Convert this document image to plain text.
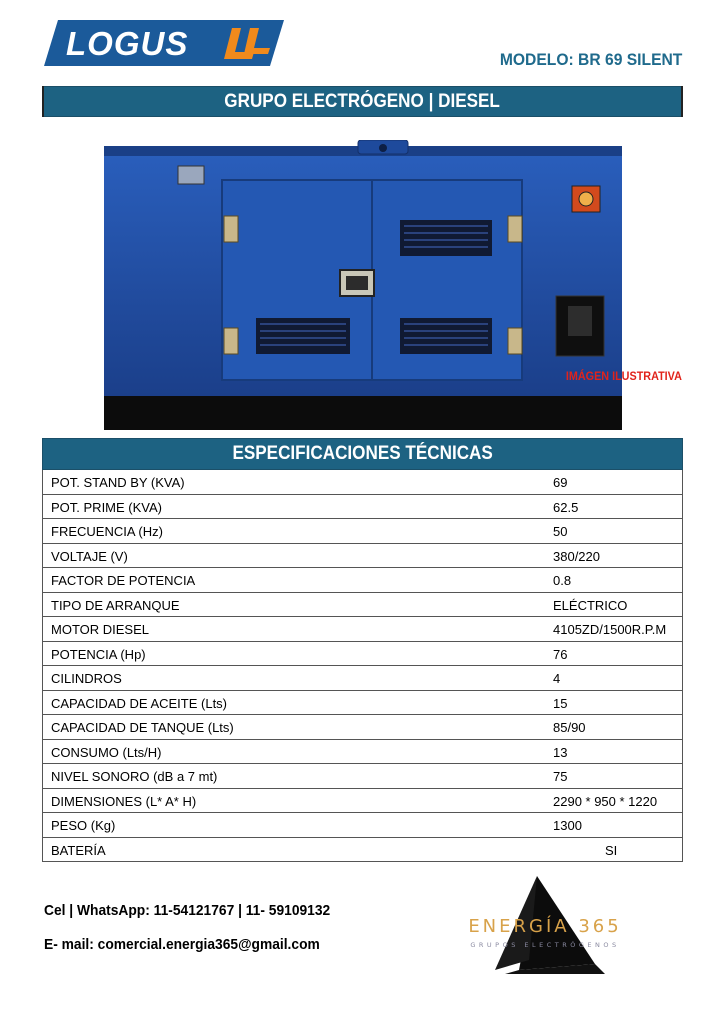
LOGUS	MODELO: BR 69 SILENT
GRUPO ELECTRÓGENO | DIESEL
IMÁGEN ILUSTRATIVA
ESPECIFICACIONES TÉCNICAS
POT. STAND BY (KVA)	69
POT. PRIME (KVA)	62.5
FRECUENCIA (Hz)	50
VOLTAJE (V)	380/220
FACTOR DE POTENCIA	0.8
TIPO DE ARRANQUE	ELÉCTRICO
MOTOR DIESEL	4105ZD/1500R.P.M
POTENCIA (Hp)	76
CILINDROS	4
CAPACIDAD DE ACEITE (Lts)	15
CAPACIDAD DE TANQUE (Lts)	85/90
CONSUMO (Lts/H)	13
NIVEL SONORO (dB a 7 mt)	75
DIMENSIONES (L* A* H)	2290 * 950 * 1220
PESO (Kg)	1300
BATERÍA	SI
Cel | WhatsApp: 11-54121767 | 11- 59109132
E- mail: comercial.energia365@gmail.com
ENERGÍA 365
GRUPOS ELECTRÓGENOS
